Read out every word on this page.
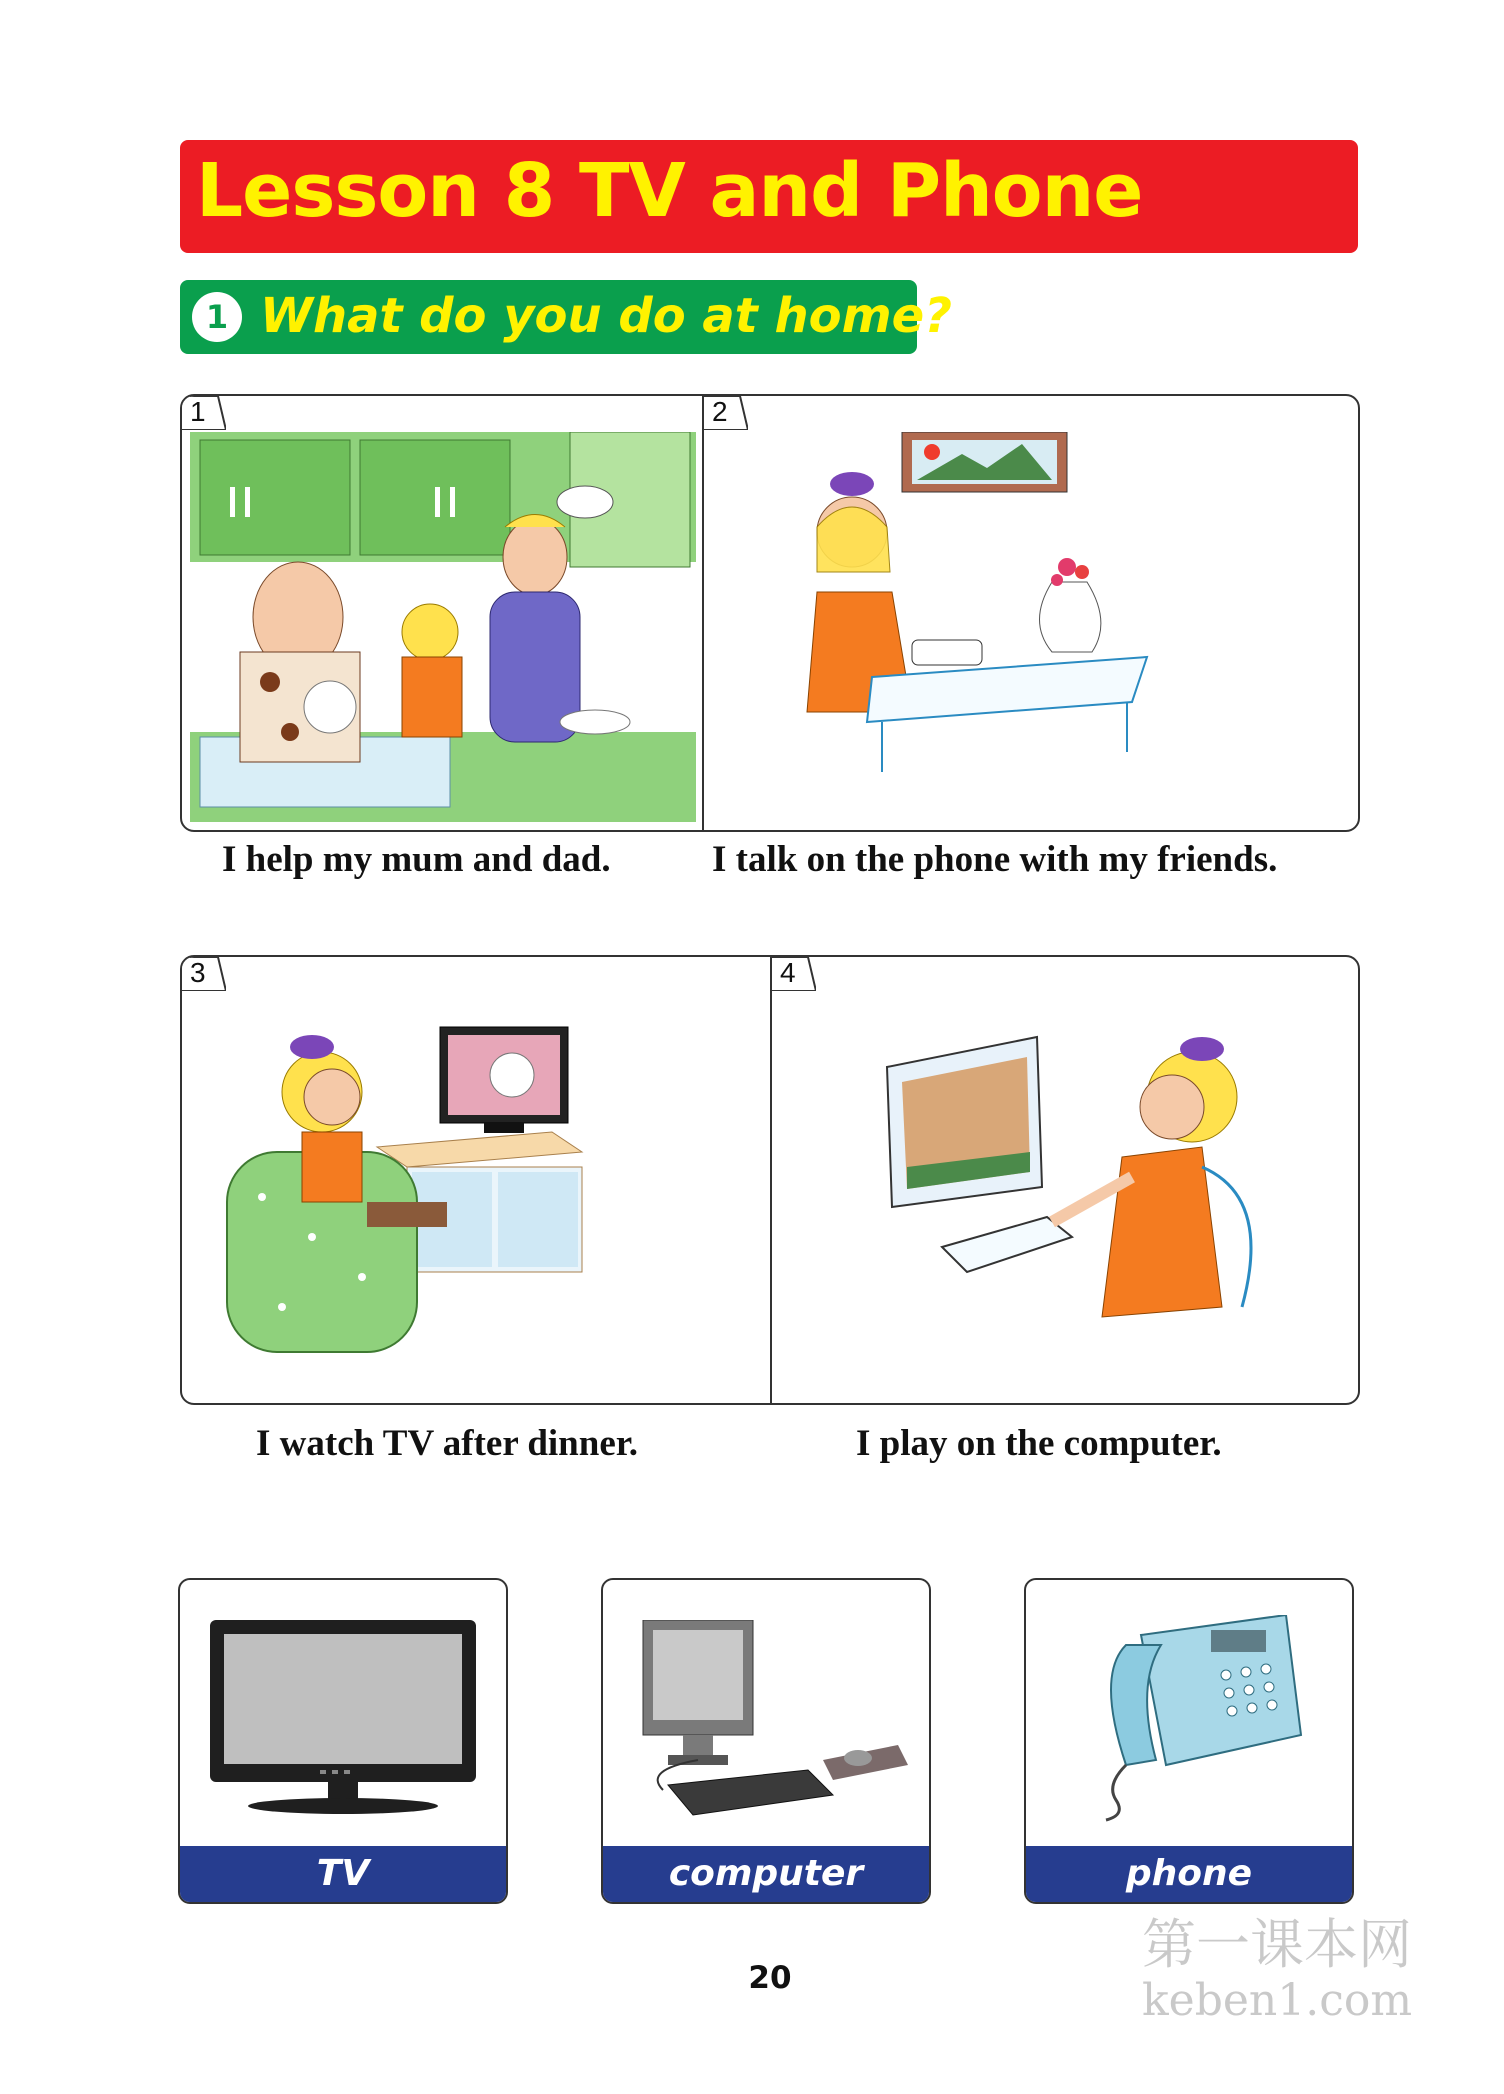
Lesson 8 TV and Phone
1 What do you do at home?
1	2
I help my mum and dad.	I talk on the phone with my friends.
3	4
I watch TV after dinner.	I play on the computer.
TV	computer	phone
20
第一课本网
keben1.com
